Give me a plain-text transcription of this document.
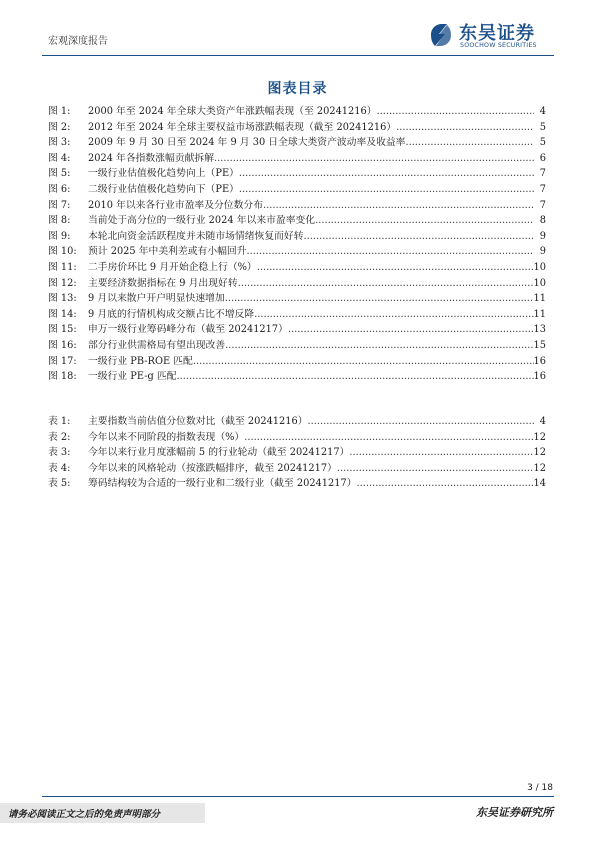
宏观深度报告	东吴证券
SOOCHOW SECURITIES
图表目录
图 1: 2000 年至 2024 年全球大类资产年涨跌幅表现（至 20241216） .....	4
图 2: 2012 年至 2024 年全球主要权益市场涨跌幅表现（截至 20241216） .....	5
图 3: 2009 年 9 月 30 日至 2024 年 9 月 30 日全球大类资产波动率及收益率 .....	5
图 4: 2024 年各指数涨幅贡献拆解 .....	6
图 5: 一级行业估值极化趋势向上（PE） .....	7
图 6: 二级行业估值极化趋势向下（PE） .....	7
图 7: 2010 年以来各行业市盈率及分位数分布 .....	7
图 8: 当前处于高分位的一级行业 2024 年以来市盈率变化 .....	8
图 9: 本轮北向资金活跃程度并未随市场情绪恢复而好转 .....	9
图 10: 预计 2025 年中美利差或有小幅回升 .....	9
图 11: 二手房价环比 9 月开始企稳上行（%） .....	10
图 12: 主要经济数据指标在 9 月出现好转 .....	10
图 13: 9 月以来散户开户明显快速增加 .....	11
图 14: 9 月底的行情机构成交额占比不增反降 .....	11
图 15: 申万一级行业筹码峰分布（截至 20241217） .....	13
图 16: 部分行业供需格局有望出现改善 .....	15
图 17: 一级行业 PB-ROE 匹配 .....	16
图 18: 一级行业 PE-g 匹配 .....	16
表 1: 主要指数当前估值分位数对比（截至 20241216） .....	4
表 2: 今年以来不同阶段的指数表现（%） .....	12
表 3: 今年以来行业月度涨幅前 5 的行业轮动（截至 20241217） .....	12
表 4: 今年以来的风格轮动（按涨跌幅排序，截至 20241217） .....	12
表 5: 筹码结构较为合适的一级行业和二级行业（截至 20241217） .....	14
3 / 18
请务必阅读正文之后的免责声明部分	东吴证券研究所
